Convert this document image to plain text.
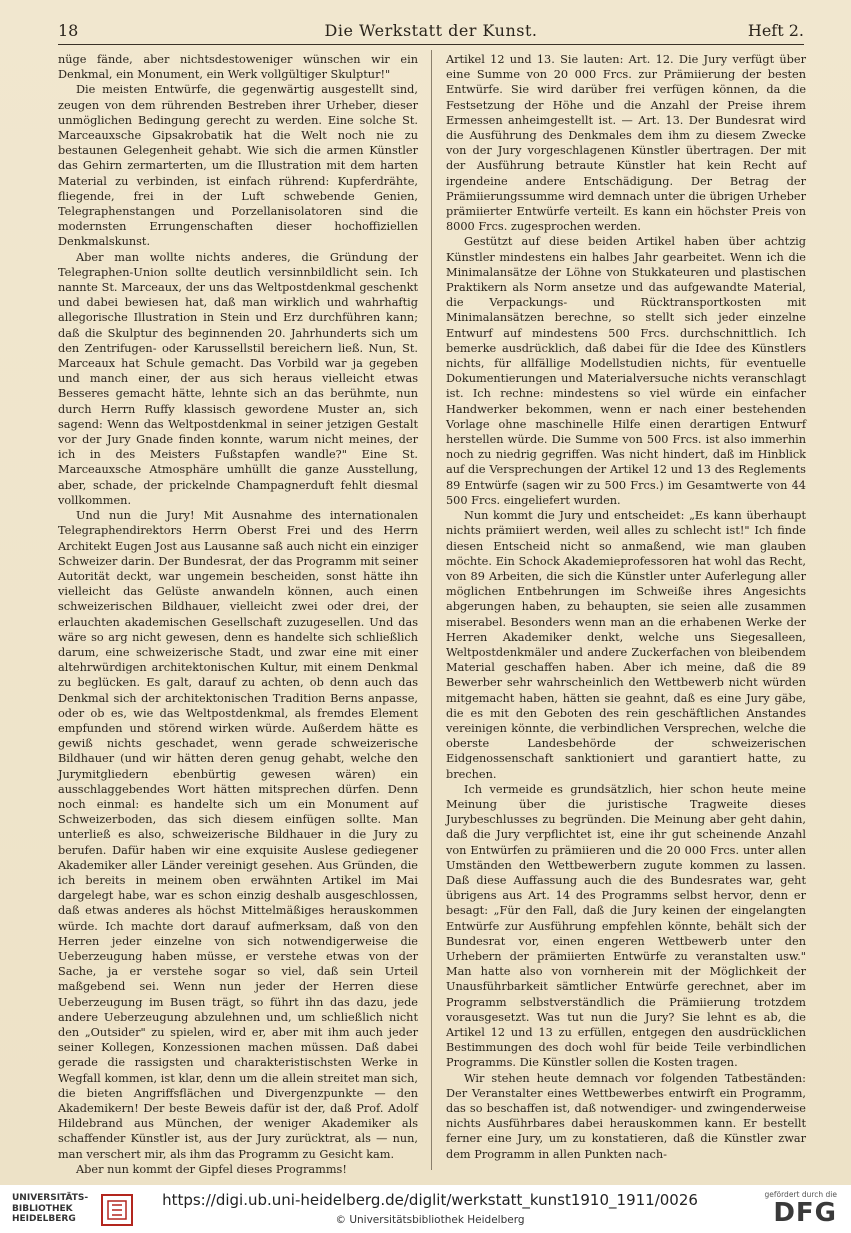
18	Die Werkstatt der Kunst.	Heft 2.

nüge fände, aber nichtsdestoweniger wünschen wir ein Denkmal, ein Monument, ein Werk vollgültiger Skulptur!"

Die meisten Entwürfe, die gegenwärtig ausgestellt sind, zeugen von dem rührenden Bestreben ihrer Urheber, dieser unmöglichen Bedingung gerecht zu werden. Eine solche St. Marceauxsche Gipsakrobatik hat die Welt noch nie zu bestaunen Gelegenheit gehabt. Wie sich die armen Künstler das Gehirn zermarterten, um die Illustration mit dem harten Material zu verbinden, ist einfach rührend: Kupferdrähte, fliegende, frei in der Luft schwebende Genien, Telegraphenstangen und Porzellanisolatoren sind die modernsten Errungenschaften dieser hochoffiziellen Denkmalskunst.

Aber man wollte nichts anderes, die Gründung der Telegraphen-Union sollte deutlich versinnbildlicht sein. Ich nannte St. Marceaux, der uns das Weltpostdenkmal geschenkt und dabei bewiesen hat, daß man wirklich und wahrhaftig allegorische Illustration in Stein und Erz durchführen kann; daß die Skulptur des beginnenden 20. Jahrhunderts sich um den Zentrifugen- oder Karussellstil bereichern ließ. Nun, St. Marceaux hat Schule gemacht. Das Vorbild war ja gegeben und manch einer, der aus sich heraus vielleicht etwas Besseres gemacht hätte, lehnte sich an das berühmte, nun durch Herrn Ruffy klassisch gewordene Muster an, sich sagend: Wenn das Weltpostdenkmal in seiner jetzigen Gestalt vor der Jury Gnade finden konnte, warum nicht meines, der ich in des Meisters Fußstapfen wandle?" Eine St. Marceauxsche Atmosphäre umhüllt die ganze Ausstellung, aber, schade, der prickelnde Champagnerduft fehlt diesmal vollkommen.

Und nun die Jury! Mit Ausnahme des internationalen Telegraphendirektors Herrn Oberst Frei und des Herrn Architekt Eugen Jost aus Lausanne saß auch nicht ein einziger Schweizer darin. Der Bundesrat, der das Programm mit seiner Autorität deckt, war ungemein bescheiden, sonst hätte ihn vielleicht das Gelüste anwandeln können, auch einen schweizerischen Bildhauer, vielleicht zwei oder drei, der erlauchten akademischen Gesellschaft zuzugesellen. Und das wäre so arg nicht gewesen, denn es handelte sich schließlich darum, eine schweizerische Stadt, und zwar eine mit einer altehrwürdigen architektonischen Kultur, mit einem Denkmal zu beglücken. Es galt, darauf zu achten, ob denn auch das Denkmal sich der architektonischen Tradition Berns anpasse, oder ob es, wie das Weltpostdenkmal, als fremdes Element empfunden und störend wirken würde. Außerdem hätte es gewiß nichts geschadet, wenn gerade schweizerische Bildhauer (und wir hätten deren genug gehabt, welche den Jurymitgliedern ebenbürtig gewesen wären) ein ausschlaggebendes Wort hätten mitsprechen dürfen. Denn noch einmal: es handelte sich um ein Monument auf Schweizerboden, das sich diesem einfügen sollte. Man unterließ es also, schweizerische Bildhauer in die Jury zu berufen. Dafür haben wir eine exquisite Auslese gediegener Akademiker aller Länder vereinigt gesehen. Aus Gründen, die ich bereits in meinem oben erwähnten Artikel im Mai dargelegt habe, war es schon einzig deshalb ausgeschlossen, daß etwas anderes als höchst Mittelmäßiges herauskommen würde. Ich machte dort darauf aufmerksam, daß von den Herren jeder einzelne von sich notwendigerweise die Ueberzeugung haben müsse, er verstehe etwas von der Sache, ja er verstehe sogar so viel, daß sein Urteil maßgebend sei. Wenn nun jeder der Herren diese Ueberzeugung im Busen trägt, so führt ihn das dazu, jede andere Ueberzeugung abzulehnen und, um schließlich nicht den „Outsider" zu spielen, wird er, aber mit ihm auch jeder seiner Kollegen, Konzessionen machen müssen. Daß dabei gerade die rassigsten und charakteristischsten Werke in Wegfall kommen, ist klar, denn um die allein streitet man sich, die bieten Angriffsflächen und Divergenzpunkte — den Akademikern! Der beste Beweis dafür ist der, daß Prof. Adolf Hildebrand aus München, der weniger Akademiker als schaffender Künstler ist, aus der Jury zurücktrat, als — nun, man verschert mir, als ihm das Programm zu Gesicht kam.

Aber nun kommt der Gipfel dieses Programms!

Artikel 12 und 13. Sie lauten: Art. 12. Die Jury verfügt über eine Summe von 20 000 Frcs. zur Prämiierung der besten Entwürfe. Sie wird darüber frei verfügen können, da die Festsetzung der Höhe und die Anzahl der Preise ihrem Ermessen anheimgestellt ist. — Art. 13. Der Bundesrat wird die Ausführung des Denkmales dem ihm zu diesem Zwecke von der Jury vorgeschlagenen Künstler übertragen. Der mit der Ausführung betraute Künstler hat kein Recht auf irgendeine andere Entschädigung. Der Betrag der Prämiierungssumme wird demnach unter die übrigen Urheber prämiierter Entwürfe verteilt. Es kann ein höchster Preis von 8000 Frcs. zugesprochen werden.

Gestützt auf diese beiden Artikel haben über achtzig Künstler mindestens ein halbes Jahr gearbeitet. Wenn ich die Minimalansätze der Löhne von Stukkateuren und plastischen Praktikern als Norm ansetze und das aufgewandte Material, die Verpackungs- und Rücktransportkosten mit Minimalansätzen berechne, so stellt sich jeder einzelne Entwurf auf mindestens 500 Frcs. durchschnittlich. Ich bemerke ausdrücklich, daß dabei für die Idee des Künstlers nichts, für allfällige Modellstudien nichts, für eventuelle Dokumentierungen und Materialversuche nichts veranschlagt ist. Ich rechne: mindestens so viel würde ein einfacher Handwerker bekommen, wenn er nach einer bestehenden Vorlage ohne maschinelle Hilfe einen derartigen Entwurf herstellen würde. Die Summe von 500 Frcs. ist also immerhin noch zu niedrig gegriffen. Was nicht hindert, daß im Hinblick auf die Versprechungen der Artikel 12 und 13 des Reglements 89 Entwürfe (sagen wir zu 500 Frcs.) im Gesamtwerte von 44 500 Frcs. eingeliefert wurden.

Nun kommt die Jury und entscheidet: „Es kann überhaupt nichts prämiiert werden, weil alles zu schlecht ist!" Ich finde diesen Entscheid nicht so anmaßend, wie man glauben möchte. Ein Schock Akademieprofessoren hat wohl das Recht, von 89 Arbeiten, die sich die Künstler unter Auferlegung aller möglichen Entbehrungen im Schweiße ihres Angesichts abgerungen haben, zu behaupten, sie seien alle zusammen miserabel. Besonders wenn man an die erhabenen Werke der Herren Akademiker denkt, welche uns Siegesalleen, Weltpostdenkmäler und andere Zuckerfachen von bleibendem Material geschaffen haben. Aber ich meine, daß die 89 Bewerber sehr wahrscheinlich den Wettbewerb nicht würden mitgemacht haben, hätten sie geahnt, daß es eine Jury gäbe, die es mit den Geboten des rein geschäftlichen Anstandes vereinigen könnte, die verbindlichen Versprechen, welche die oberste Landesbehörde der schweizerischen Eidgenossenschaft sanktioniert und garantiert hatte, zu brechen.

Ich vermeide es grundsätzlich, hier schon heute meine Meinung über die juristische Tragweite dieses Jurybeschlusses zu begründen. Die Meinung aber geht dahin, daß die Jury verpflichtet ist, eine ihr gut scheinende Anzahl von Entwürfen zu prämiieren und die 20 000 Frcs. unter allen Umständen den Wettbewerbern zugute kommen zu lassen. Daß diese Auffassung auch die des Bundesrates war, geht übrigens aus Art. 14 des Programms selbst hervor, denn er besagt: „Für den Fall, daß die Jury keinen der eingelangten Entwürfe zur Ausführung empfehlen könnte, behält sich der Bundesrat vor, einen engeren Wettbewerb unter den Urhebern der prämiierten Entwürfe zu veranstalten usw." Man hatte also von vornherein mit der Möglichkeit der Unausführbarkeit sämtlicher Entwürfe gerechnet, aber im Programm selbstverständlich die Prämiierung trotzdem vorausgesetzt. Was tut nun die Jury? Sie lehnt es ab, die Artikel 12 und 13 zu erfüllen, entgegen den ausdrücklichen Bestimmungen des doch wohl für beide Teile verbindlichen Programms. Die Künstler sollen die Kosten tragen.

Wir stehen heute demnach vor folgenden Tatbeständen: Der Veranstalter eines Wettbewerbes entwirft ein Programm, das so beschaffen ist, daß notwendiger- und zwingenderweise nichts Ausführbares dabei herauskommen kann. Er bestellt ferner eine Jury, um zu konstatieren, daß die Künstler zwar dem Programm in allen Punkten nach-

UNIVERSITÄTS- BIBLIOTHEK HEIDELBERG
https://digi.ub.uni-heidelberg.de/diglit/werkstatt_kunst1910_1911/0026
© Universitätsbibliothek Heidelberg
gefördert durch die
DFG
